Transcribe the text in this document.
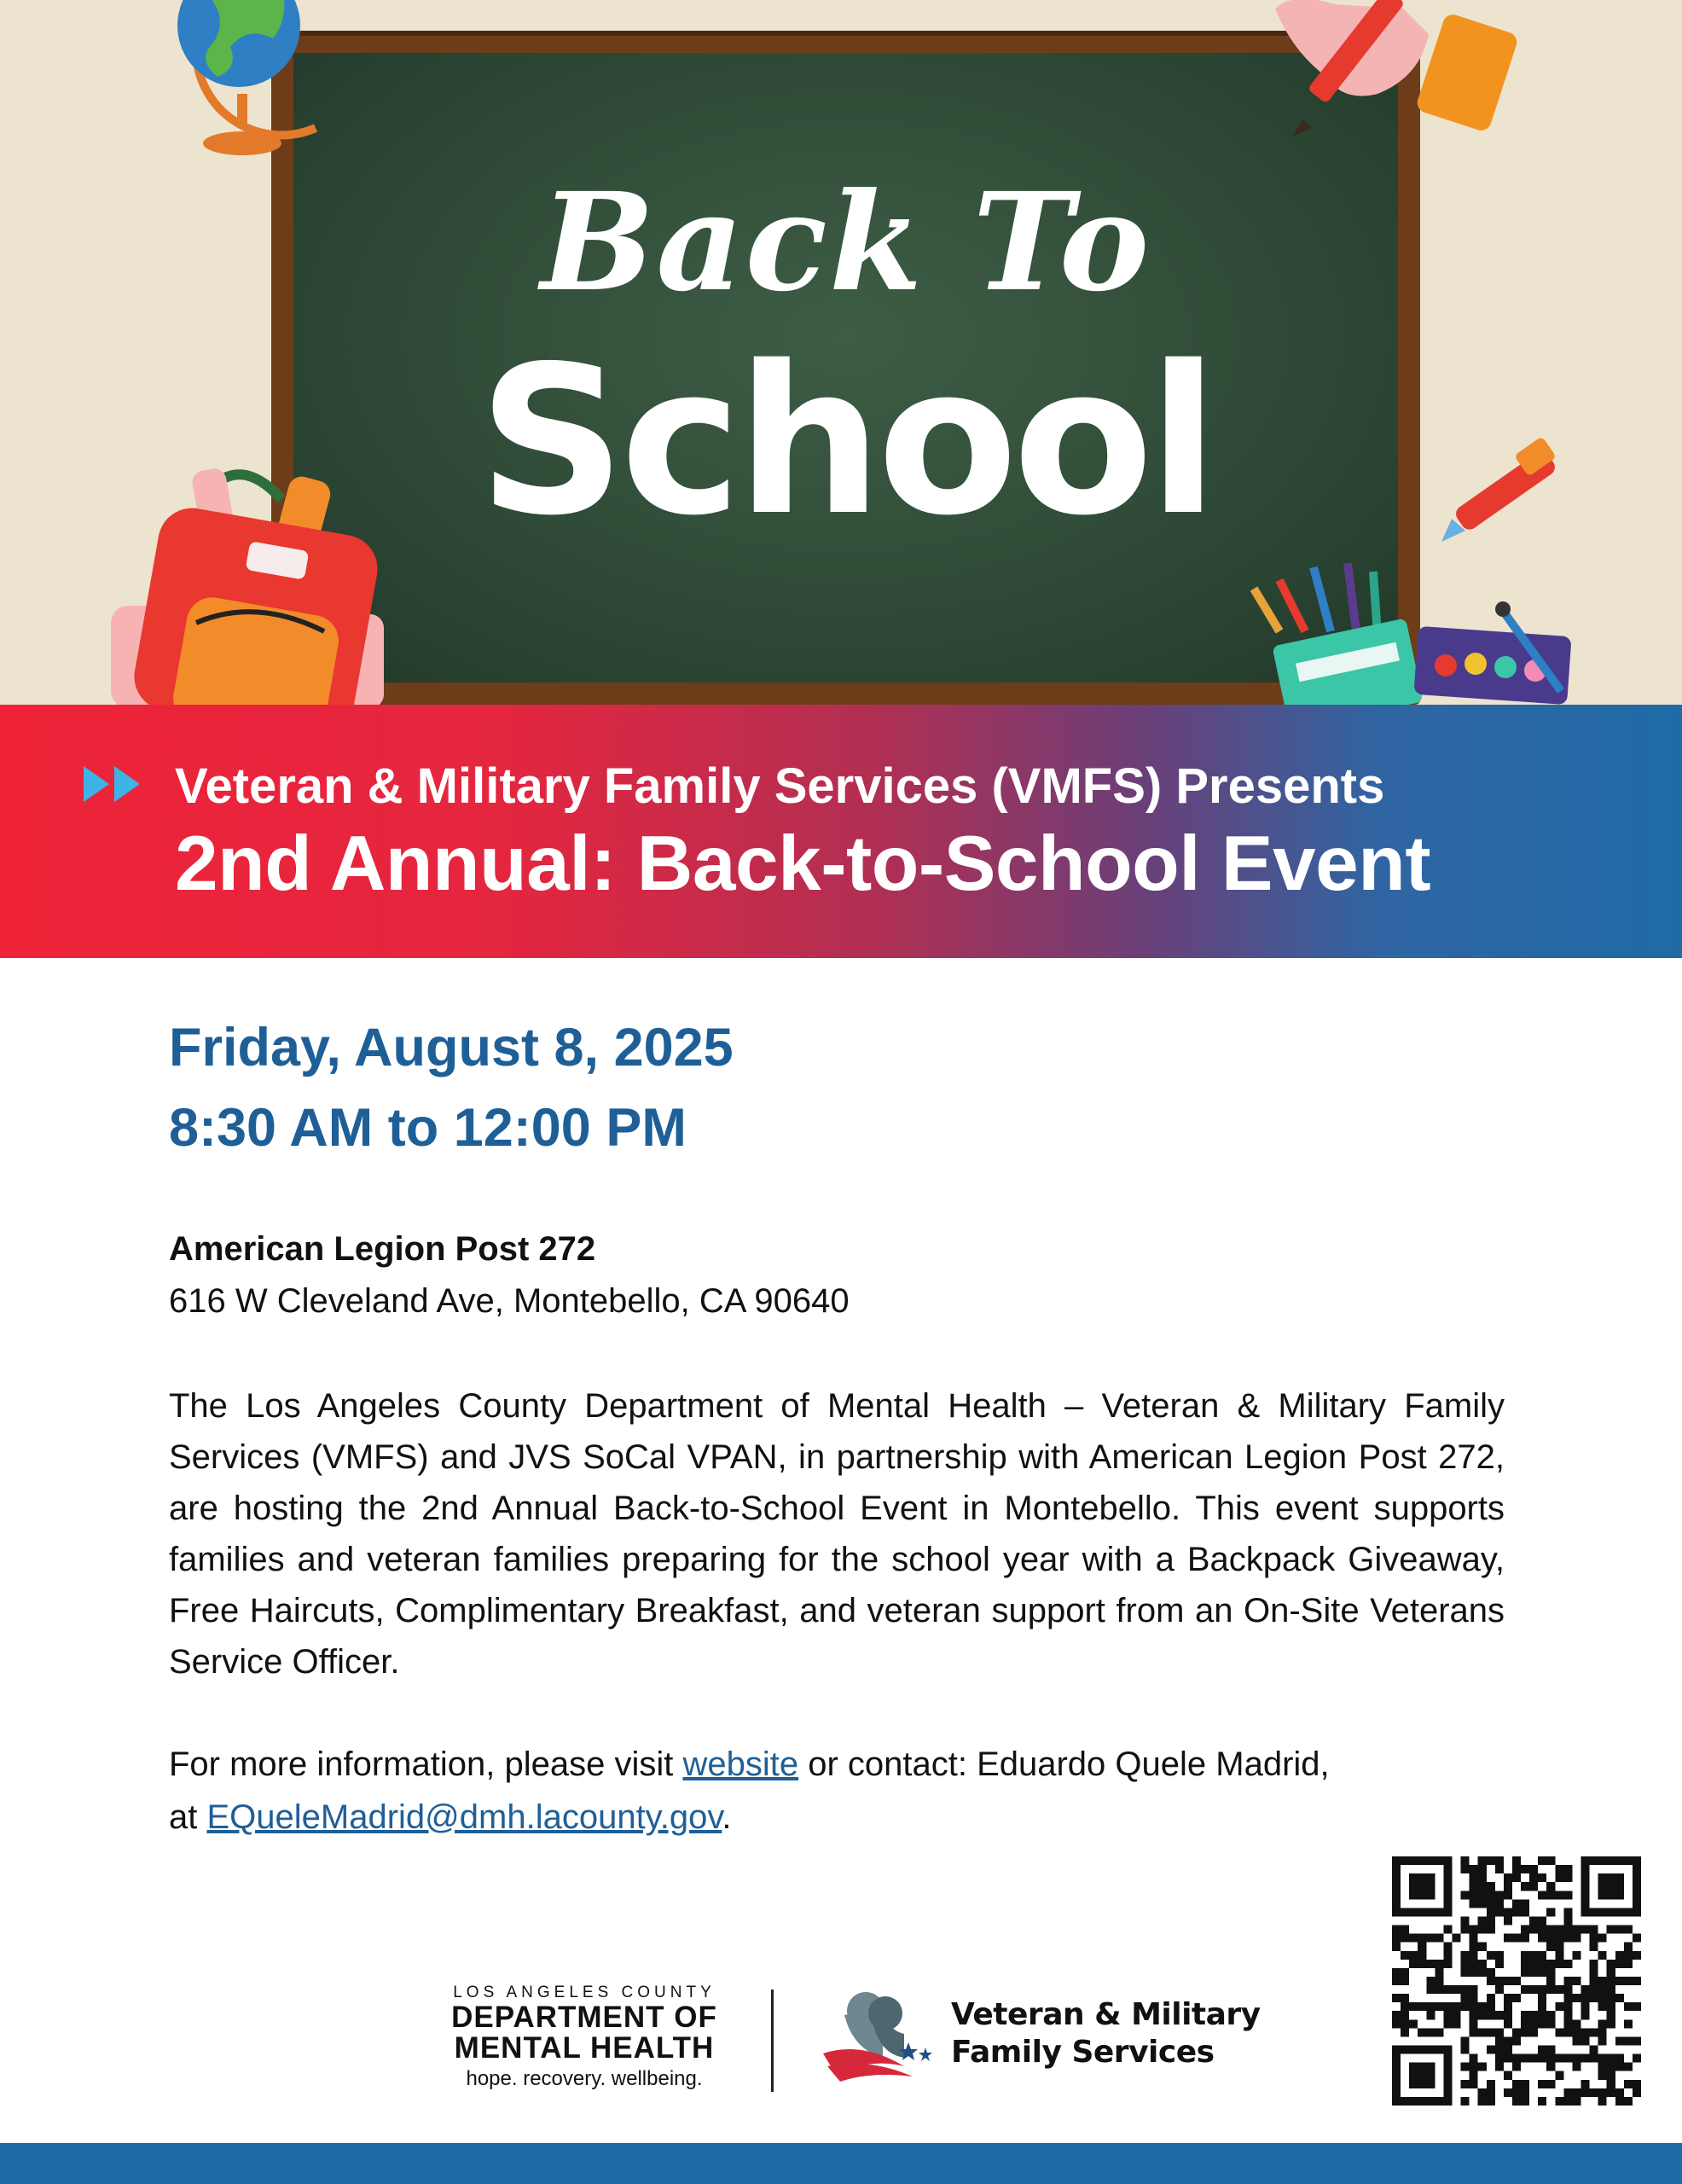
Back To
School
Veteran & Military Family Services (VMFS) Presents
2nd Annual: Back-to-School Event
Friday, August 8, 2025
8:30 AM to 12:00 PM
American Legion Post 272
616 W Cleveland Ave, Montebello, CA 90640

The Los Angeles County Department of Mental Health – Veteran & Military Family Services (VMFS) and JVS SoCal VPAN, in partnership with American Legion Post 272, are hosting the 2nd Annual Back-to-School Event in Montebello. This event supports families and veteran families preparing for the school year with a Backpack Giveaway, Free Haircuts, Complimentary Breakfast, and veteran support from an On-Site Veterans Service Officer.

For more information, please visit website or contact: Eduardo Quele Madrid,
at EQueleMadrid@dmh.lacounty.gov.

LOS ANGELES COUNTY
DEPARTMENT OF
MENTAL HEALTH
hope. recovery. wellbeing.
Veteran & Military
Family Services
